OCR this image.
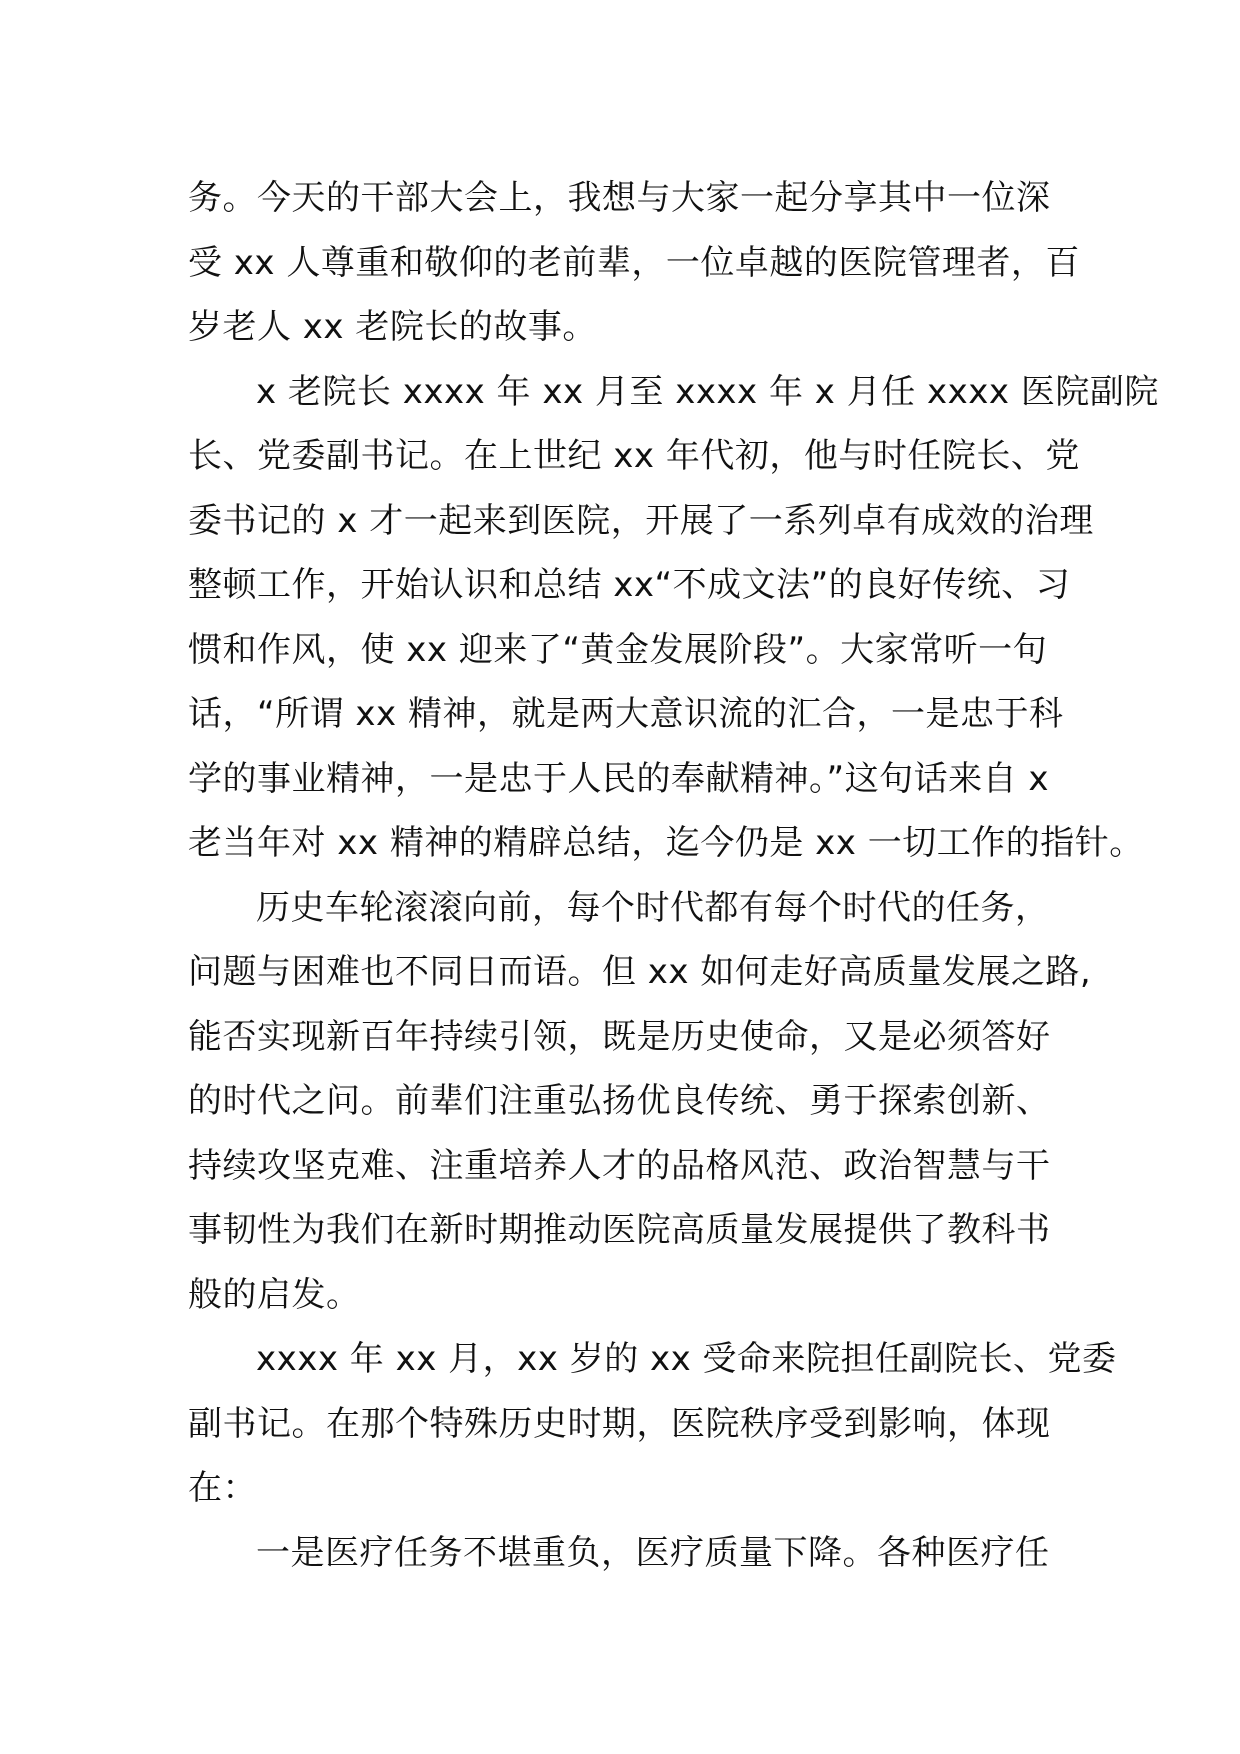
务。今天的干部大会上，我想与大家一起分享其中一位深
受 xx 人尊重和敬仰的老前辈，一位卓越的医院管理者，百
岁老人 xx 老院长的故事。
x 老院长 xxxx 年 xx 月至 xxxx 年 x 月任 xxxx 医院副院
长、党委副书记。在上世纪 xx 年代初，他与时任院长、党
委书记的 x 才一起来到医院，开展了一系列卓有成效的治理
整顿工作，开始认识和总结 xx“不成文法”的良好传统、习
惯和作风，使 xx 迎来了“黄金发展阶段”。大家常听一句
话，“所谓 xx 精神，就是两大意识流的汇合，一是忠于科
学的事业精神，一是忠于人民的奉献精神。”这句话来自 x
老当年对 xx 精神的精辟总结，迄今仍是 xx 一切工作的指针。
历史车轮滚滚向前，每个时代都有每个时代的任务，
问题与困难也不同日而语。但 xx 如何走好高质量发展之路,
能否实现新百年持续引领，既是历史使命，又是必须答好
的时代之问。前辈们注重弘扬优良传统、勇于探索创新、
持续攻坚克难、注重培养人才的品格风范、政治智慧与干
事韧性为我们在新时期推动医院高质量发展提供了教科书
般的启发。
xxxx 年 xx 月，xx 岁的 xx 受命来院担任副院长、党委
副书记。在那个特殊历史时期，医院秩序受到影响，体现
在：
一是医疗任务不堪重负，医疗质量下降。各种医疗任
